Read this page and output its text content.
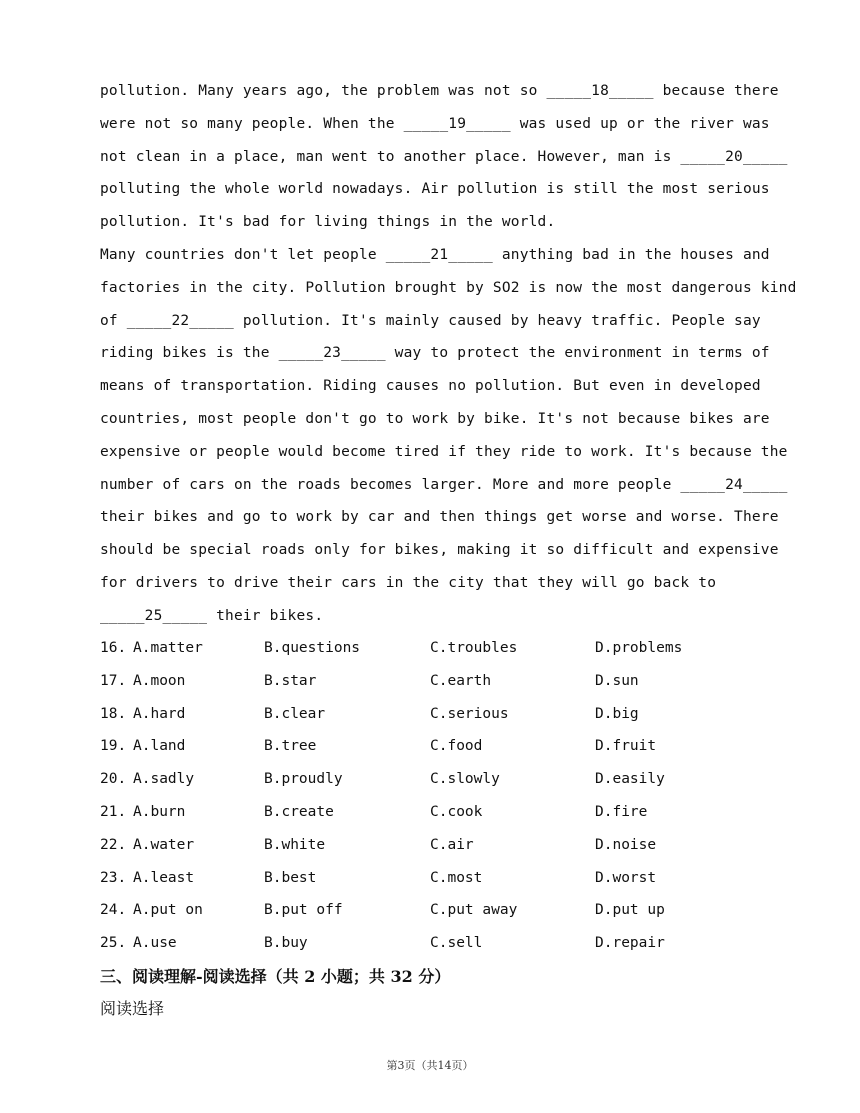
pollution. Many years ago, the problem was not so _____18_____ because there
were not so many people. When the _____19_____ was used up or the river was
not clean in a place, man went to another place. However, man is _____20_____
polluting the whole world nowadays. Air pollution is still the most serious
pollution. It's bad for living things in the world.
Many countries don't let people _____21_____ anything bad in the houses and
factories in the city. Pollution brought by SO2 is now the most dangerous kind
of _____22_____ pollution. It's mainly caused by heavy traffic. People say
riding bikes is the _____23_____ way to protect the environment in terms of
means of transportation. Riding causes no pollution. But even in developed
countries, most people don't go to work by bike. It's not because bikes are
expensive or people would become tired if they ride to work. It's because the
number of cars on the roads becomes larger. More and more people _____24_____
their bikes and go to work by car and then things get worse and worse. There
should be special roads only for bikes, making it so difficult and expensive
for drivers to drive their cars in the city that they will go back to
_____25_____ their bikes.
16. A.matter	B.questions	C.troubles	D.problems
17. A.moon	B.star	C.earth	D.sun
18. A.hard	B.clear	C.serious	D.big
19. A.land	B.tree	C.food	D.fruit
20. A.sadly	B.proudly	C.slowly	D.easily
21. A.burn	B.create	C.cook	D.fire
22. A.water	B.white	C.air	D.noise
23. A.least	B.best	C.most	D.worst
24. A.put on	B.put off	C.put away	D.put up
25. A.use	B.buy	C.sell	D.repair
三、阅读理解-阅读选择（共 2 小题；共 32 分）
阅读选择
第3页（共14页）
